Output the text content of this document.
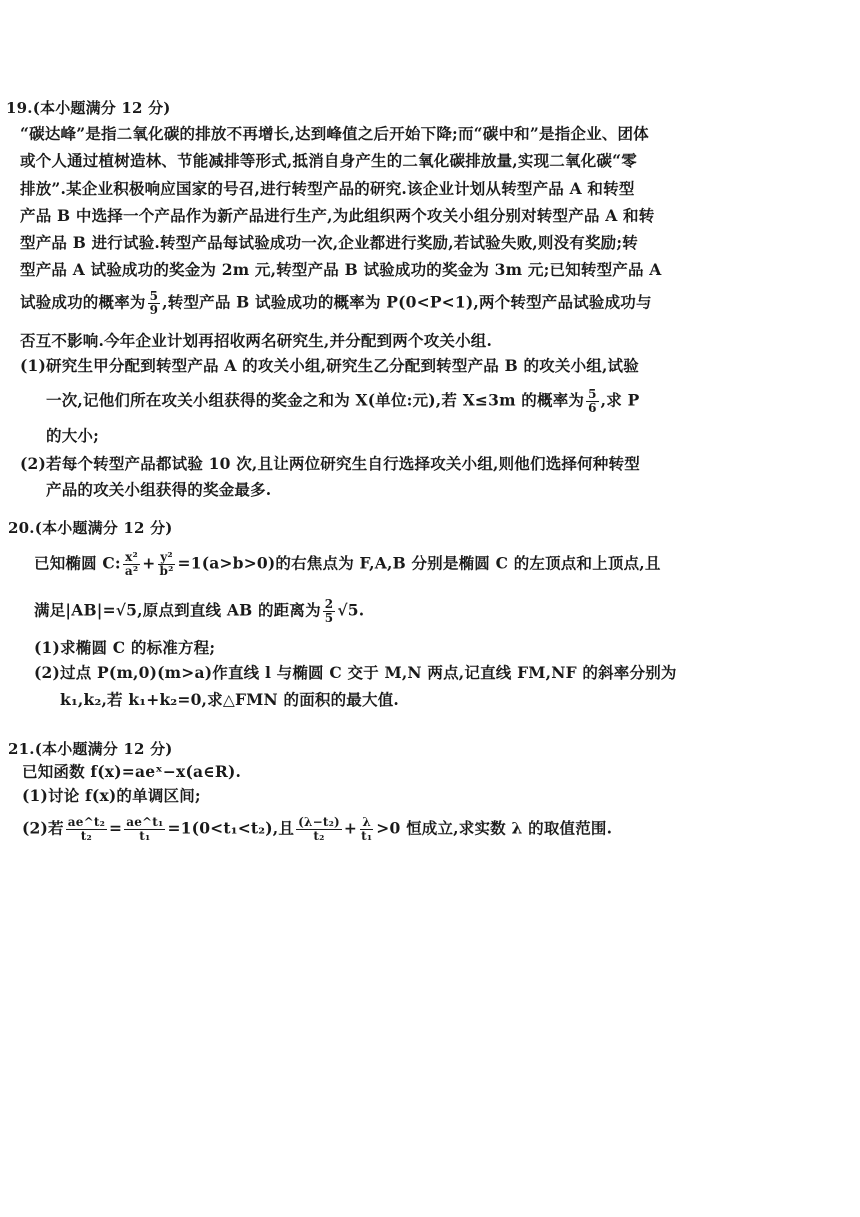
19.(本小题满分 12 分)
“碳达峰”是指二氧化碳的排放不再增长,达到峰值之后开始下降;而“碳中和”是指企业、团体
或个人通过植树造林、节能减排等形式,抵消自身产生的二氧化碳排放量,实现二氧化碳“零
排放”.某企业积极响应国家的号召,进行转型产品的研究.该企业计划从转型产品 A 和转型
产品 B 中选择一个产品作为新产品进行生产,为此组织两个攻关小组分别对转型产品 A 和转
型产品 B 进行试验.转型产品每试验成功一次,企业都进行奖励,若试验失败,则没有奖励;转
型产品 A 试验成功的奖金为 2m 元,转型产品 B 试验成功的奖金为 3m 元;已知转型产品 A
试验成功的概率为 $\frac{5}{9}$ ,转型产品 B 试验成功的概率为 P(0<P<1),两个转型产品试验成功与
否互不影响.今年企业计划再招收两名研究生,并分配到两个攻关小组.
(1)研究生甲分配到转型产品 A 的攻关小组,研究生乙分配到转型产品 B 的攻关小组,试验
一次,记他们所在攻关小组获得的奖金之和为 X(单位:元),若 X≤3m 的概率为 $\frac{5}{6}$ ,求 P
的大小;
(2)若每个转型产品都试验 10 次,且让两位研究生自行选择攻关小组,则他们选择何种转型
产品的攻关小组获得的奖金最多.
20.(本小题满分 12 分)
已知椭圆 C: $\frac{\text{x²}}{\text{a²}} + \frac{\text{y²}}{\text{b²}} =1(a>b>0)$的右焦点为 F,A,B 分别是椭圆 C 的左顶点和上顶点,且
满足|AB|=√5,原点到直线 AB 的距离为 $\frac{2}{5} √5$.
(1)求椭圆 C 的标准方程;
(2)过点 P(m,0)(m>a)作直线 l 与椭圆 C 交于 M,N 两点,记直线 FM,NF 的斜率分别为
k₁,k₂,若 k₁+k₂=0,求△FMN 的面积的最大值.
21.(本小题满分 12 分)
已知函数 f(x)=aeˣ−x(a∈R).
(1)讨论 f(x)的单调区间;
(2)若 $\frac{\text{ae\textasciicircum{}t₂}}{\text{t₂}} = \frac{\text{ae\textasciicircum{}t₁}}{\text{t₁}} =1(0<t_1<t_2)$,且 $\frac{\text{(λ−t₂)}}{\text{t₂}} + \frac{\lambda}{\text{t₁}} >0$ 恒成立,求实数 λ 的取值范围.
